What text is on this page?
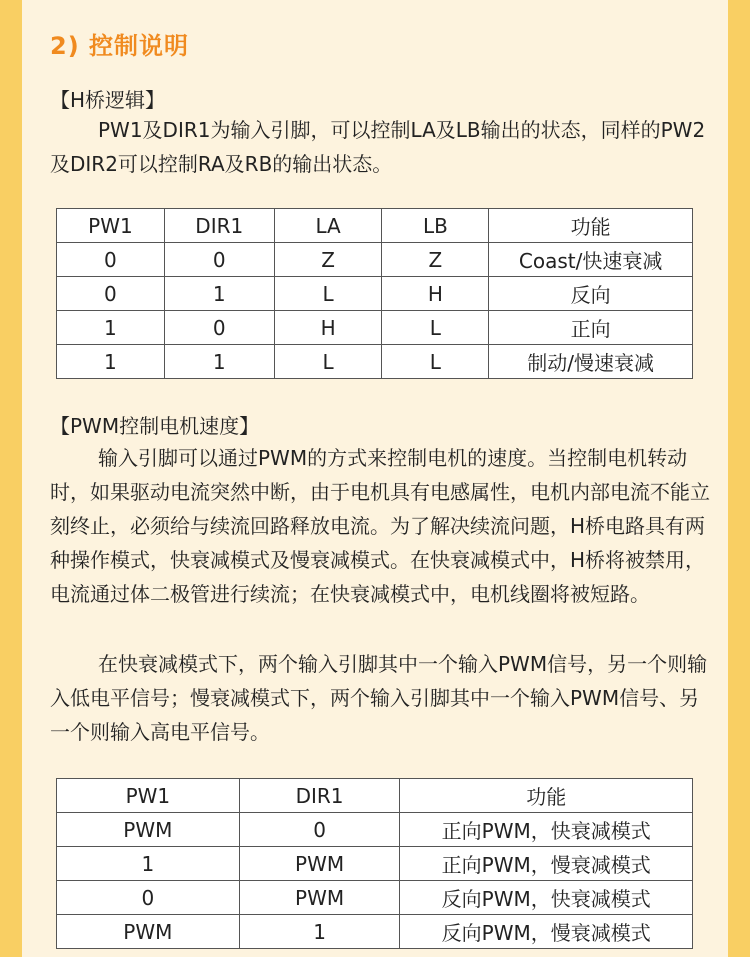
2) 控制说明
【H桥逻辑】

PW1及DIR1为输入引脚，可以控制LA及LB输出的状态，同样的PW2及DIR2可以控制RA及RB的输出状态。

PW1	DIR1	LA	LB	功能
0	0	Z	Z	Coast/快速衰减
0	1	L	H	反向
1	0	H	L	正向
1	1	L	L	制动/慢速衰减
【PWM控制电机速度】

输入引脚可以通过PWM的方式来控制电机的速度。当控制电机转动时，如果驱动电流突然中断，由于电机具有电感属性，电机内部电流不能立刻终止，必须给与续流回路释放电流。为了解决续流问题，H桥电路具有两种操作模式，快衰减模式及慢衰减模式。在快衰减模式中，H桥将被禁用，电流通过体二极管进行续流；在快衰减模式中，电机线圈将被短路。

在快衰减模式下，两个输入引脚其中一个输入PWM信号，另一个则输入低电平信号；慢衰减模式下，两个输入引脚其中一个输入PWM信号、另一个则输入高电平信号。

PW1	DIR1	功能
PWM	0	正向PWM，快衰减模式
1	PWM	正向PWM，慢衰减模式
0	PWM	反向PWM，快衰减模式
PWM	1	反向PWM，慢衰减模式
